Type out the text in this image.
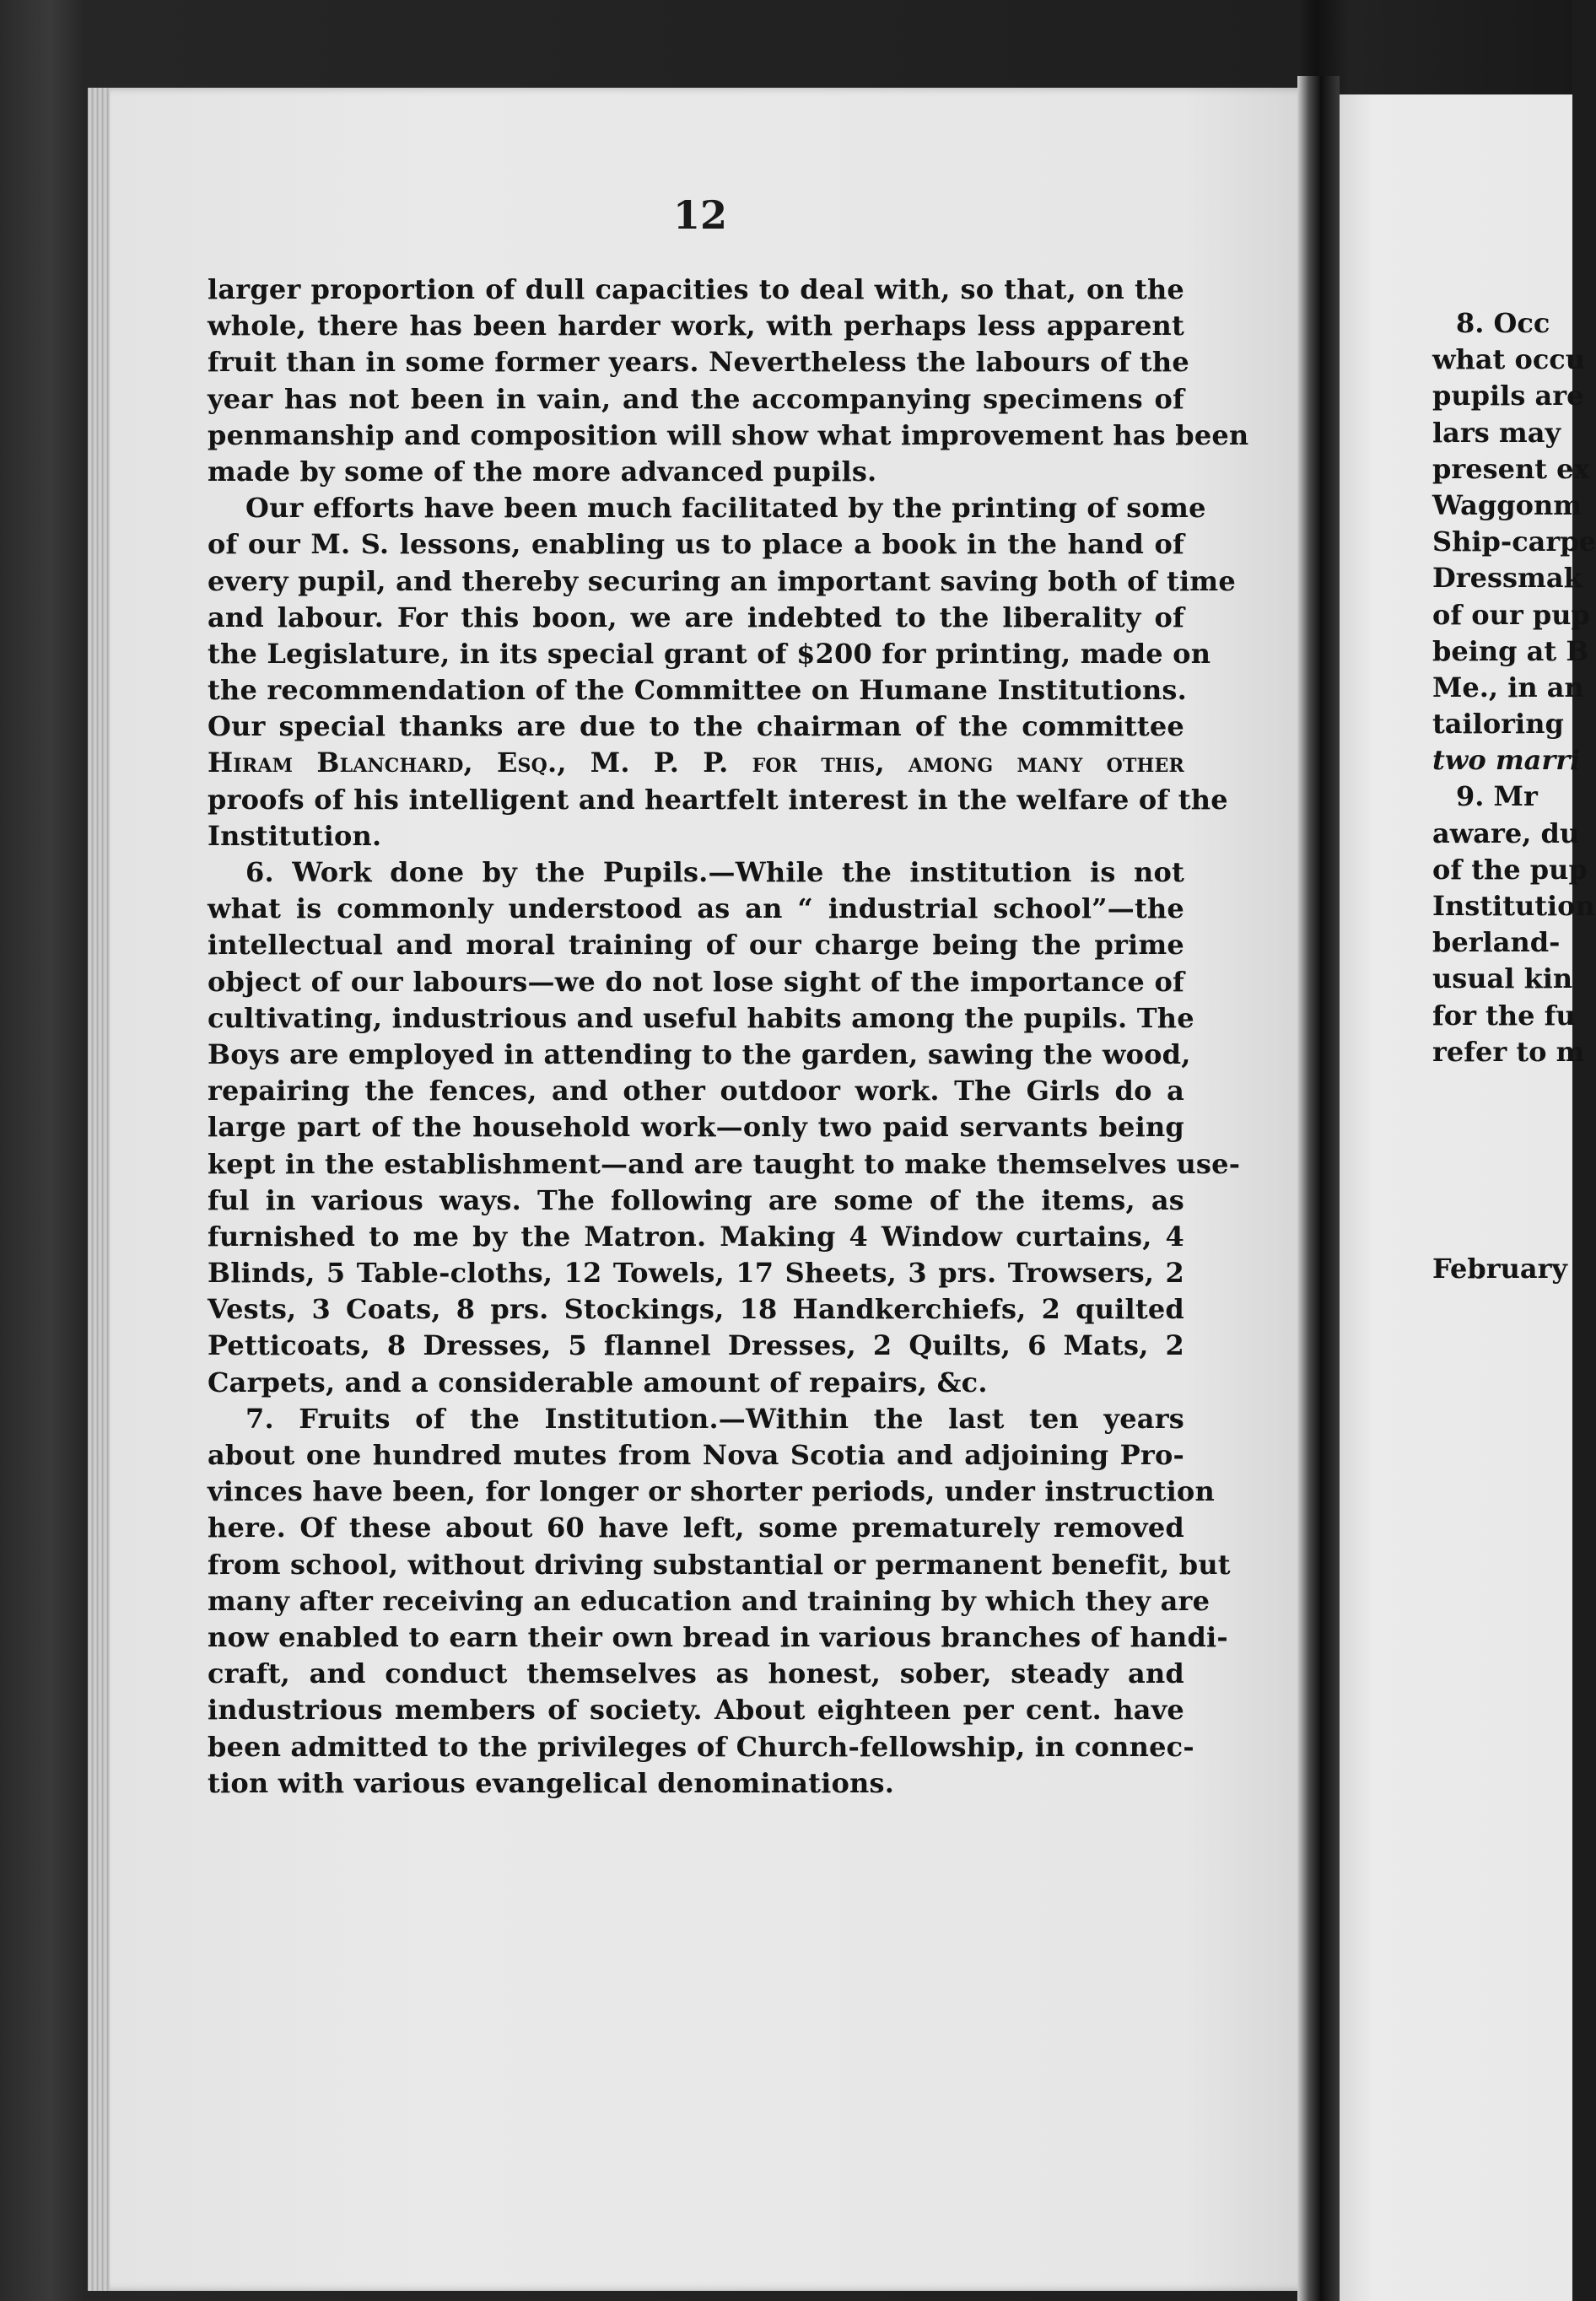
12
larger proportion of dull capacities to deal with, so that, on the
whole, there has been harder work, with perhaps less apparent
fruit than in some former years. Nevertheless the labours of the
year has not been in vain, and the accompanying specimens of
penmanship and composition will show what improvement has been
made by some of the more advanced pupils.
Our efforts have been much facilitated by the printing of some
of our M. S. lessons, enabling us to place a book in the hand of
every pupil, and thereby securing an important saving both of time
and labour. For this boon, we are indebted to the liberality of
the Legislature, in its special grant of $200 for printing, made on
the recommendation of the Committee on Humane Institutions.
Our special thanks are due to the chairman of the committee
Hiram Blanchard, Esq., M. P. P. for this, among many other
proofs of his intelligent and heartfelt interest in the welfare of the
Institution.
6. Work done by the Pupils.—While the institution is not
what is commonly understood as an “ industrial school”—the
intellectual and moral training of our charge being the prime
object of our labours—we do not lose sight of the importance of
cultivating, industrious and useful habits among the pupils. The
Boys are employed in attending to the garden, sawing the wood,
repairing the fences, and other outdoor work. The Girls do a
large part of the household work—only two paid servants being
kept in the establishment—and are taught to make themselves use-
ful in various ways. The following are some of the items, as
furnished to me by the Matron. Making 4 Window curtains, 4
Blinds, 5 Table-cloths, 12 Towels, 17 Sheets, 3 prs. Trowsers, 2
Vests, 3 Coats, 8 prs. Stockings, 18 Handkerchiefs, 2 quilted
Petticoats, 8 Dresses, 5 flannel Dresses, 2 Quilts, 6 Mats, 2
Carpets, and a considerable amount of repairs, &c.
7. Fruits of the Institution.—Within the last ten years
about one hundred mutes from Nova Scotia and adjoining Pro-
vinces have been, for longer or shorter periods, under instruction
here. Of these about 60 have left, some prematurely removed
from school, without driving substantial or permanent benefit, but
many after receiving an education and training by which they are
now enabled to earn their own bread in various branches of handi-
craft, and conduct themselves as honest, sober, steady and
industrious members of society. About eighteen per cent. have
been admitted to the privileges of Church-fellowship, in connec-
tion with various evangelical denominations.
8. Occ
what occu
pupils are
lars may
present ex
Waggonm
Ship-carpe
Dressmak
of our pup
being at B
Me., in an
tailoring
two marri
9. Mr
aware, du
of the pup
Institution
berland-
usual kin
for the fu
refer to m
February
